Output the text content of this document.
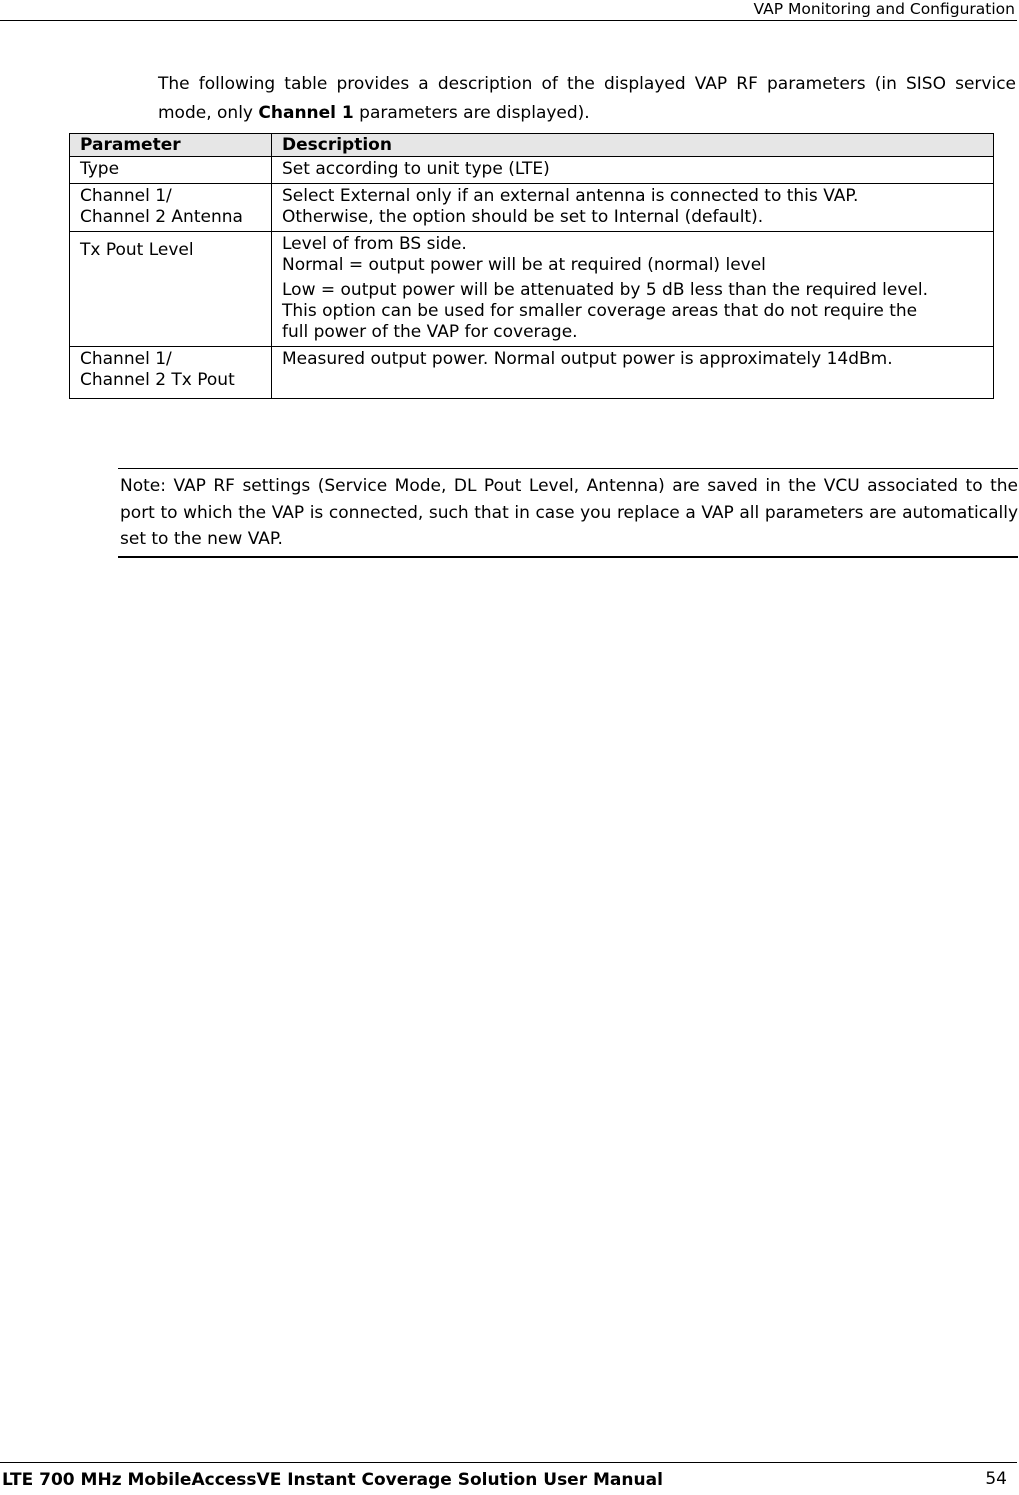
VAP Monitoring and Configuration

The following table provides a description of the displayed VAP RF parameters (in SISO service mode, only Channel 1 parameters are displayed).

Parameter	Description

Type	Set according to unit type (LTE)

Channel 1/
Channel 2 Antenna	Select External only if an external antenna is connected to this VAP.
Otherwise, the option should be set to Internal (default).

Tx Pout Level	Level of from BS side.
Normal = output power will be at required (normal) level
Low = output power will be attenuated by 5 dB less than the required level.
This option can be used for smaller coverage areas that do not require the
full power of the VAP for coverage.

Channel 1/
Channel 2 Tx Pout	Measured output power. Normal output power is approximately 14dBm.
Note: VAP RF settings (Service Mode, DL Pout Level, Antenna) are saved in the VCU associated to the port to which the VAP is connected, such that in case you replace a VAP all parameters are automatically set to the new VAP.
LTE 700 MHz MobileAccessVE Instant Coverage Solution User Manual	54
